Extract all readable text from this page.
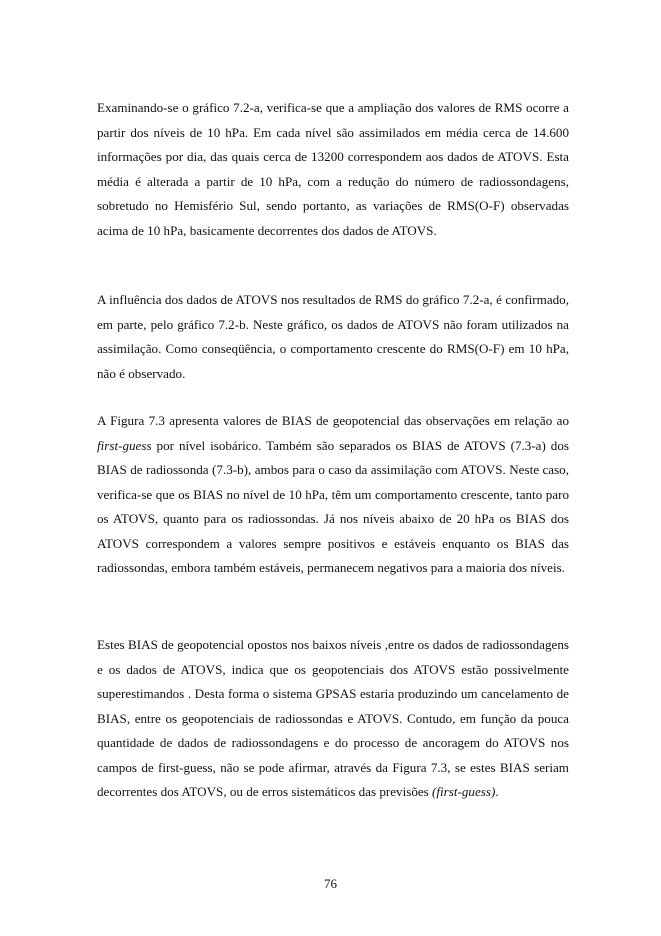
Examinando-se o gráfico 7.2-a, verifica-se que a ampliação dos valores de RMS ocorre a partir dos níveis de 10 hPa. Em cada nível são assimilados em média cerca de 14.600 informações por dia, das quais cerca de 13200 correspondem aos dados de ATOVS. Esta média é alterada a partir de 10 hPa, com a redução do número de radiossondagens, sobretudo no Hemisfério Sul, sendo portanto, as variações de RMS(O-F) observadas acima de 10 hPa, basicamente decorrentes dos dados de ATOVS.

A influência dos dados de ATOVS nos resultados de RMS do gráfico 7.2-a, é confirmado, em parte, pelo gráfico 7.2-b. Neste gráfico, os dados de ATOVS não foram utilizados na assimilação. Como conseqüência, o comportamento crescente do RMS(O-F) em 10 hPa, não é observado.

A Figura 7.3 apresenta valores de BIAS de geopotencial das observações em relação ao first-guess por nível isobárico. Também são separados os BIAS de ATOVS (7.3-a) dos BIAS de radiossonda (7.3-b), ambos para o caso da assimilação com ATOVS. Neste caso, verifica-se que os BIAS no nível de 10 hPa, têm um comportamento crescente, tanto paro os ATOVS, quanto para os radiossondas. Já nos níveis abaixo de 20 hPa os BIAS dos ATOVS correspondem a valores sempre positivos e estáveis enquanto os BIAS das radiossondas, embora também estáveis, permanecem negativos para a maioria dos níveis.

Estes BIAS de geopotencial opostos nos baixos níveis ,entre os dados de radiossondagens e os dados de ATOVS, indica que os geopotenciais dos ATOVS estão possivelmente superestimandos . Desta forma o sistema GPSAS estaria produzindo um cancelamento de BIAS, entre os geopotenciais de radiossondas e ATOVS. Contudo, em função da pouca quantidade de dados de radiossondagens e do processo de ancoragem do ATOVS nos campos de first-guess, não se pode afirmar, através da Figura 7.3, se estes BIAS seriam decorrentes dos ATOVS, ou de erros sistemáticos das previsões (first-guess).

76
